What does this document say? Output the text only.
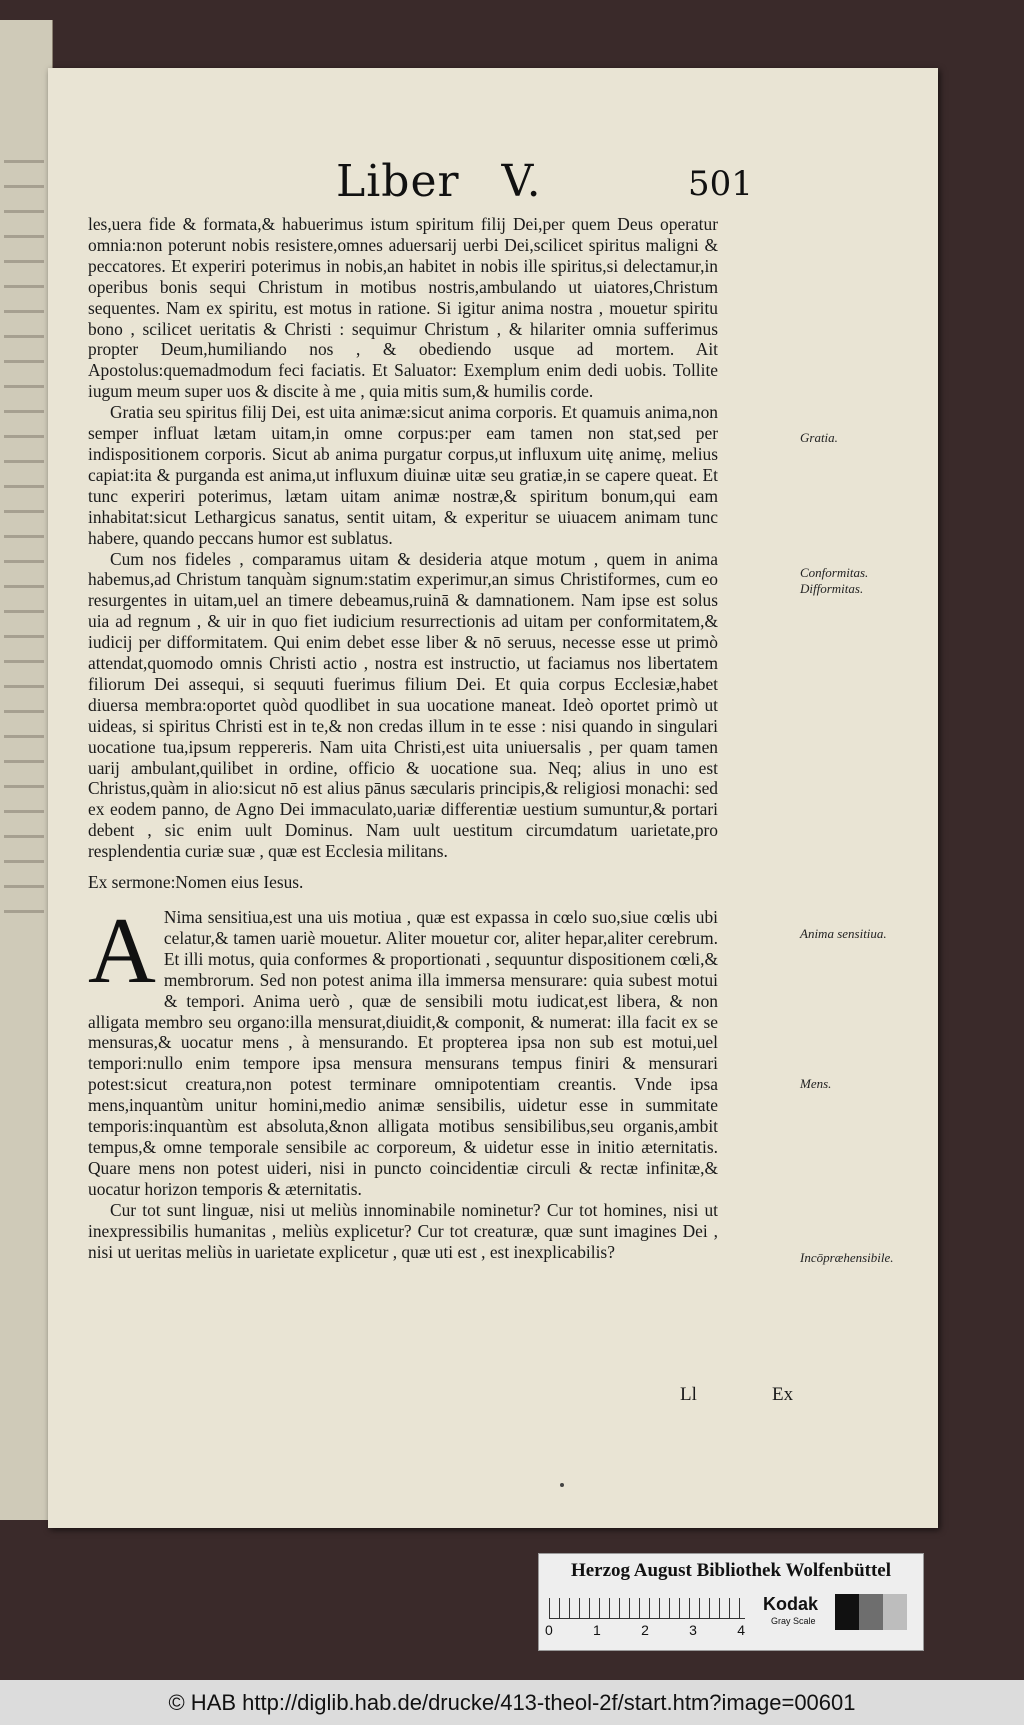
Liber V.	501

les,uera fide & formata,& habuerimus istum spiritum filij Dei,per quem Deus operatur omnia:non poterunt nobis resistere,omnes aduersarij uerbi Dei,scilicet spiritus maligni & peccatores. Et experiri poterimus in nobis,an habitet in nobis ille spiritus,si delectamur,in operibus bonis sequi Christum in motibus nostris,ambulando ut uiatores,Christum sequentes. Nam ex spiritu, est motus in ratione. Si igitur anima nostra , mouetur spiritu bono , scilicet ueritatis & Christi : sequimur Christum , & hilariter omnia sufferimus propter Deum,humiliando nos , & obediendo usque ad mortem. Ait Apostolus:quemadmodum feci faciatis. Et Saluator: Exemplum enim dedi uobis. Tollite iugum meum super uos & discite à me , quia mitis sum,& humilis corde.

Gratia seu spiritus filij Dei, est uita animæ:sicut anima corporis. Et quamuis anima,non semper influat lætam uitam,in omne corpus:per eam tamen non stat,sed per indispositionem corporis. Sicut ab anima purgatur corpus,ut influxum uitę animę, melius capiat:ita & purganda est anima,ut influxum diuinæ uitæ seu gratiæ,in se capere queat. Et tunc experiri poterimus, lætam uitam animæ nostræ,& spiritum bonum,qui eam inhabitat:sicut Lethargicus sanatus, sentit uitam, & experitur se uiuacem animam tunc habere, quando peccans humor est sublatus.

Cum nos fideles , comparamus uitam & desideria atque motum , quem in anima habemus,ad Christum tanquàm signum:statim experimur,an simus Christiformes, cum eo resurgentes in uitam,uel an timere debeamus,ruinā & damnationem. Nam ipse est solus uia ad regnum , & uir in quo fiet iudicium resurrectionis ad uitam per conformitatem,& iudicij per difformitatem. Qui enim debet esse liber & nō seruus, necesse esse ut primò attendat,quomodo omnis Christi actio , nostra est instructio, ut faciamus nos libertatem filiorum Dei assequi, si sequuti fuerimus filium Dei. Et quia corpus Ecclesiæ,habet diuersa membra:oportet quòd quodlibet in sua uocatione maneat. Ideò oportet primò ut uideas, si spiritus Christi est in te,& non credas illum in te esse : nisi quando in singulari uocatione tua,ipsum reppereris. Nam uita Christi,est uita uniuersalis , per quam tamen uarij ambulant,quilibet in ordine, officio & uocatione sua. Neq; alius in uno est Christus,quàm in alio:sicut nō est alius pānus sæcularis principis,& religiosi monachi: sed ex eodem panno, de Agno Dei immaculato,uariæ differentiæ uestium sumuntur,& portari debent , sic enim uult Dominus. Nam uult uestitum circumdatum uarietate,pro resplendentia curiæ suæ , quæ est Ecclesia militans.

Ex sermone:Nomen eius Iesus.

A Nima sensitiua,est una uis motiua , quæ est expassa in cœlo suo,siue cœlis ubi celatur,& tamen uariè mouetur. Aliter mouetur cor, aliter hepar,aliter cerebrum. Et illi motus, quia conformes & proportionati , sequuntur dispositionem cœli,& membrorum. Sed non potest anima illa immersa mensurare: quia subest motui & tempori. Anima uerò , quæ de sensibili motu iudicat,est libera, & non alligata membro seu organo:illa mensurat,diuidit,& componit, & numerat: illa facit ex se mensuras,& uocatur mens , à mensurando. Et propterea ipsa non sub est motui,uel tempori:nullo enim tempore ipsa mensura mensurans tempus finiri & mensurari potest:sicut creatura,non potest terminare omnipotentiam creantis. Vnde ipsa mens,inquantùm unitur homini,medio animæ sensibilis, uidetur esse in summitate temporis:inquantùm est absoluta,&non alligata motibus sensibilibus,seu organis,ambit tempus,& omne temporale sensibile ac corporeum, & uidetur esse in initio æternitatis. Quare mens non potest uideri, nisi in puncto coincidentiæ circuli & rectæ infinitæ,& uocatur horizon temporis & æternitatis.

Cur tot sunt linguæ, nisi ut meliùs innominabile nominetur? Cur tot homines, nisi ut inexpressibilis humanitas , meliùs explicetur? Cur tot creaturæ, quæ sunt imagines Dei , nisi ut ueritas meliùs in uarietate explicetur , quæ uti est , est inexplicabilis?

Gratia.
Conformitas.
Difformitas.
Anima sensitiua.
Mens.
Incōpræhensibile.
Ll	Ex
Herzog August Bibliothek Wolfenbüttel
0	1	2	3	4
Kodak
Gray Scale
© HAB http://diglib.hab.de/drucke/413-theol-2f/start.htm?image=00601
